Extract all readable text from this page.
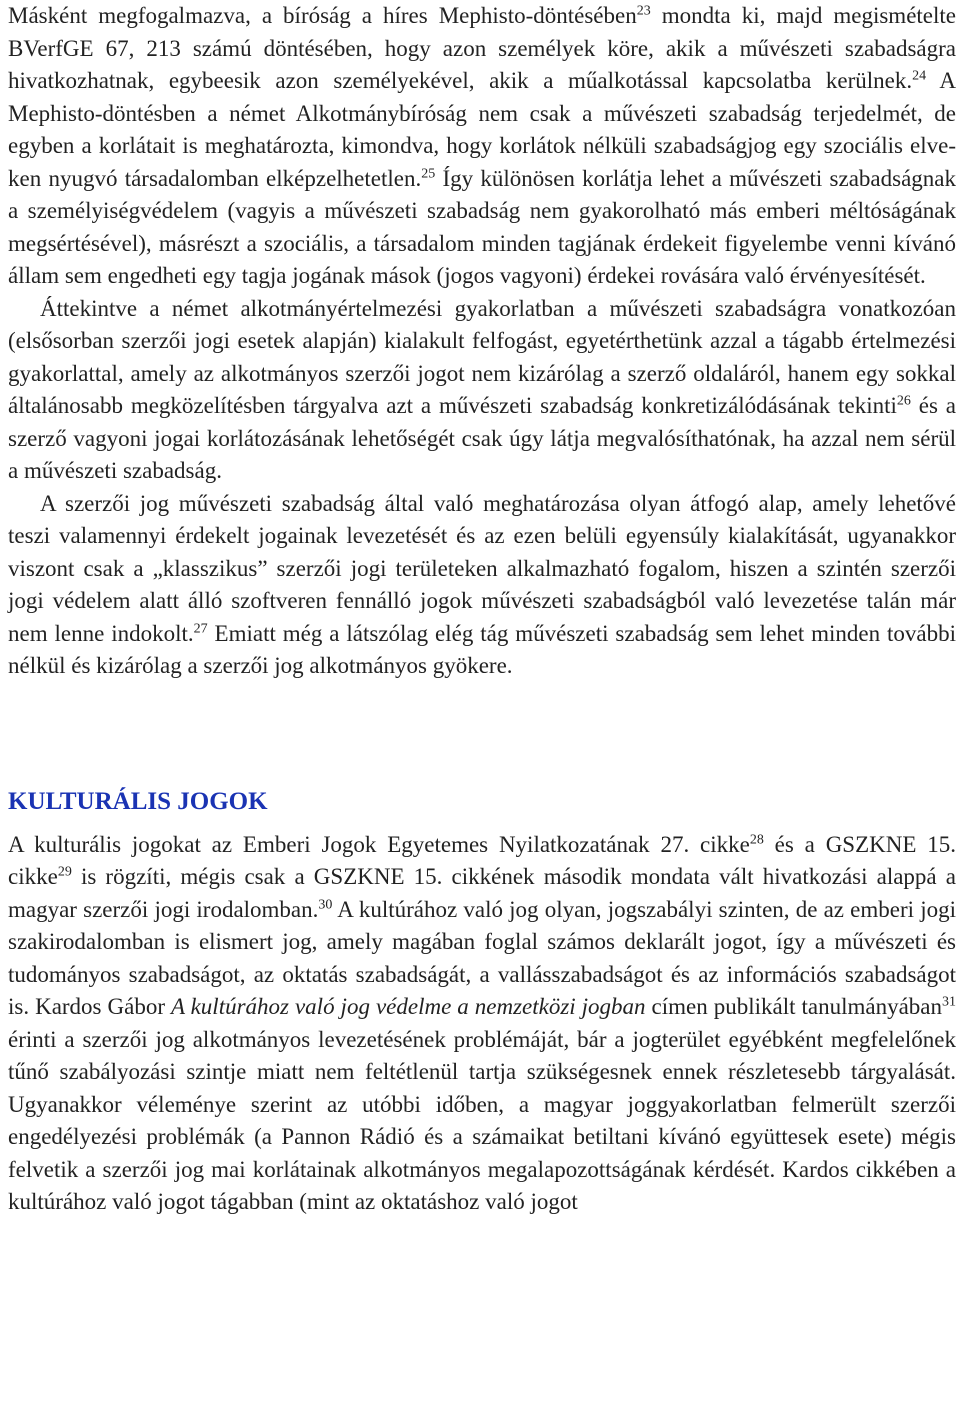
Másként megfogalmazva, a bíróság a híres Mephisto-döntésében$^{23}$ mondta ki, majd megismételte BVerfGE 67, 213 számú döntésében, hogy azon személyek köre, akik a művészeti szabadságra hivatkozhatnak, egybeesik azon személyekével, akik a műalkotással kapcsolatba kerülnek.$^{24}$ A Mephisto-döntésben a német Alkotmánybíróság nem csak a művészeti szabadság terjedelmét, de egyben a korlátait is meghatározta, kimondva, hogy korlátok nélküli szabadságjog egy szociális elveken nyugvó társadalomban elképzelhetetlen.$^{25}$ Így különösen korlátja lehet a művészeti szabadságnak a személyiségvédelem (vagyis a művészeti szabadság nem gyakorolható más emberi méltóságának megsértésével), másrészt a szociális, a társadalom minden tagjának érdekeit figyelembe venni kívánó állam sem engedheti egy tagja jogának mások (jogos vagyoni) érdekei rovására való érvényesítését.

Áttekintve a német alkotmányértelmezési gyakorlatban a művészeti szabadságra vonatkozóan (elsősorban szerzői jogi esetek alapján) kialakult felfogást, egyetérthetünk azzal a tágabb értelmezési gyakorlattal, amely az alkotmányos szerzői jogot nem kizárólag a szerző oldaláról, hanem egy sokkal általánosabb megközelítésben tárgyalva azt a művészeti szabadság konkretizálódásának tekinti$^{26}$ és a szerző vagyoni jogai korlátozásának lehetőségét csak úgy látja megvalósíthatónak, ha azzal nem sérül a művészeti szabadság.

A szerzői jog művészeti szabadság által való meghatározása olyan átfogó alap, amely lehetővé teszi valamennyi érdekelt jogainak levezetését és az ezen belüli egyensúly kialakítását, ugyanakkor viszont csak a „klasszikus” szerzői jogi területeken alkalmazható fogalom, hiszen a szintén szerzői jogi védelem alatt álló szoftveren fennálló jogok művészeti szabadságból való levezetése talán már nem lenne indokolt.$^{27}$ Emiatt még a látszólag elég tág művészeti szabadság sem lehet minden további nélkül és kizárólag a szerzői jog alkotmányos gyökere.

KULTURÁLIS JOGOK

A kulturális jogokat az Emberi Jogok Egyetemes Nyilatkozatának 27. cikke$^{28}$ és a GSZKNE 15. cikke$^{29}$ is rögzíti, mégis csak a GSZKNE 15. cikkének második mondata vált hivatkozási alappá a magyar szerzői jogi irodalomban.$^{30}$ A kultúrához való jog olyan, jogszabályi szinten, de az emberi jogi szakirodalomban is elismert jog, amely magában foglal számos deklarált jogot, így a művészeti és tudományos szabadságot, az oktatás szabadságát, a vallásszabadságot és az információs szabadságot is. Kardos Gábor A kultúrához való jog védelme a nemzetközi jogban címen publikált tanulmányában$^{31}$ érinti a szerzői jog alkotmányos levezetésének problémáját, bár a jogterület egyébként megfelelőnek tűnő szabályozási szintje miatt nem feltétlenül tartja szükségesnek ennek részletesebb tárgyalását. Ugyanakkor véleménye szerint az utóbbi időben, a magyar joggyakorlatban felmerült szerzői engedélyezési problémák (a Pannon Rádió és a számaikat betiltani kívánó együttesek esete) mégis felvetik a szerzői jog mai korlátainak alkotmányos megalapozottságának kérdését. Kardos cikkében a kultúrához való jogot tágabban (mint az oktatáshoz való jogot
